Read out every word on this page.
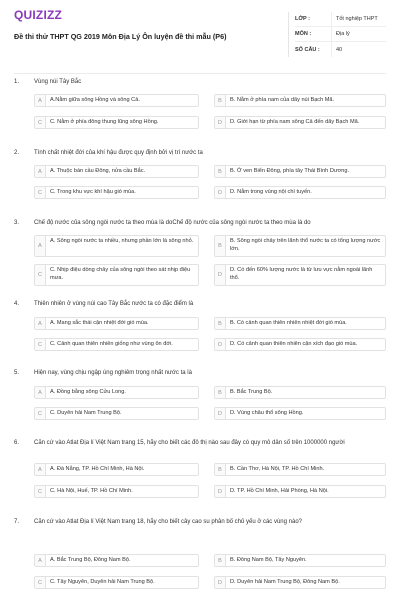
QUIZIZZ
Đề thi thử THPT QG 2019 Môn Địa Lý Ôn luyện đề thi mẫu (P6)
LỚP :	Tốt nghiệp THPT
MÔN :	Địa lý
SỐ CÂU :	40
1.	Vùng núi Tây Bắc
A	A.Nằm giữa sông Hồng và sông Cả.	B	B. Nằm ở phía nam của dãy núi Bạch Mã.
C	C. Nằm ở phía đông thung lũng sông Hồng.	D	D. Giới hạn từ phía nam sông Cả đến dãy Bạch Mã.
2.	Tính chất nhiệt đới của khí hậu được quy định bởi vị trí nước ta
A	A. Thuộc bán cầu Đông, nửa cầu Bắc.	B	B. Ở ven Biển Đông, phía tây Thái Bình Dương.
C	C. Trong khu vực khí hậu gió mùa.	D	D. Nằm trong vùng nội chí tuyến.
3.	Chế độ nước của sông ngòi nước ta theo mùa là doChế độ nước của sông ngòi nước ta theo mùa là do
A
A. Sông ngòi nước ta nhiều, nhưng phần lớn là sông nhỏ.
B
B. Sông ngòi chảy trên lãnh thổ nước ta có tổng lượng nước lớn.
C
C. Nhịp điệu dòng chảy của sông ngòi theo sát nhịp điệu mưa.	D
D. Có đến 60% lượng nước là từ lưu vực nằm ngoài lãnh thổ.
4.	Thiên nhiên ở vùng núi cao Tây Bắc nước ta có đặc điểm là
A	A. Mang sắc thái cận nhiệt đới gió mùa.	B	B. Có cảnh quan thiên nhiên nhiệt đới gió mùa.
C	C. Cảnh quan thiên nhiên giống như vùng ôn đới.	D	D. Có cảnh quan thiên nhiên cận xích đạo gió mùa.
5.	Hiện nay, vùng chịu ngập úng nghiêm trọng nhất nước ta là
A	A. Đồng bằng sông Cửu Long.	B	B. Bắc Trung Bộ.
C	C. Duyên hải Nam Trung Bộ.	D	D. Vùng châu thổ sông Hồng.
6.	Căn cứ vào Atlat Địa lí Việt Nam trang 15, hãy cho biết các đô thị nào sau đây có quy mô dân số trên 1000000 người
A	A. Đà Nẵng, TP. Hồ Chí Minh, Hà Nội.	B	B. Cần Thơ, Hà Nội, TP. Hồ Chí Minh.
C	C. Hà Nội, Huế, TP. Hồ Chí Minh.	D	D. TP. Hồ Chí Minh, Hải Phòng, Hà Nội.
7.	Căn cứ vào Atlat Địa lí Việt Nam trang 18, hãy cho biết cây cao su phân bố chủ yếu ở các vùng nào?
A	A. Bắc Trung Bộ, Đông Nam Bộ.	B	B. Đông Nam Bộ, Tây Nguyên.
C	C. Tây Nguyên, Duyên hải Nam Trung Bộ.	D	D. Duyên hải Nam Trung Bộ, Đông Nam Bộ.
